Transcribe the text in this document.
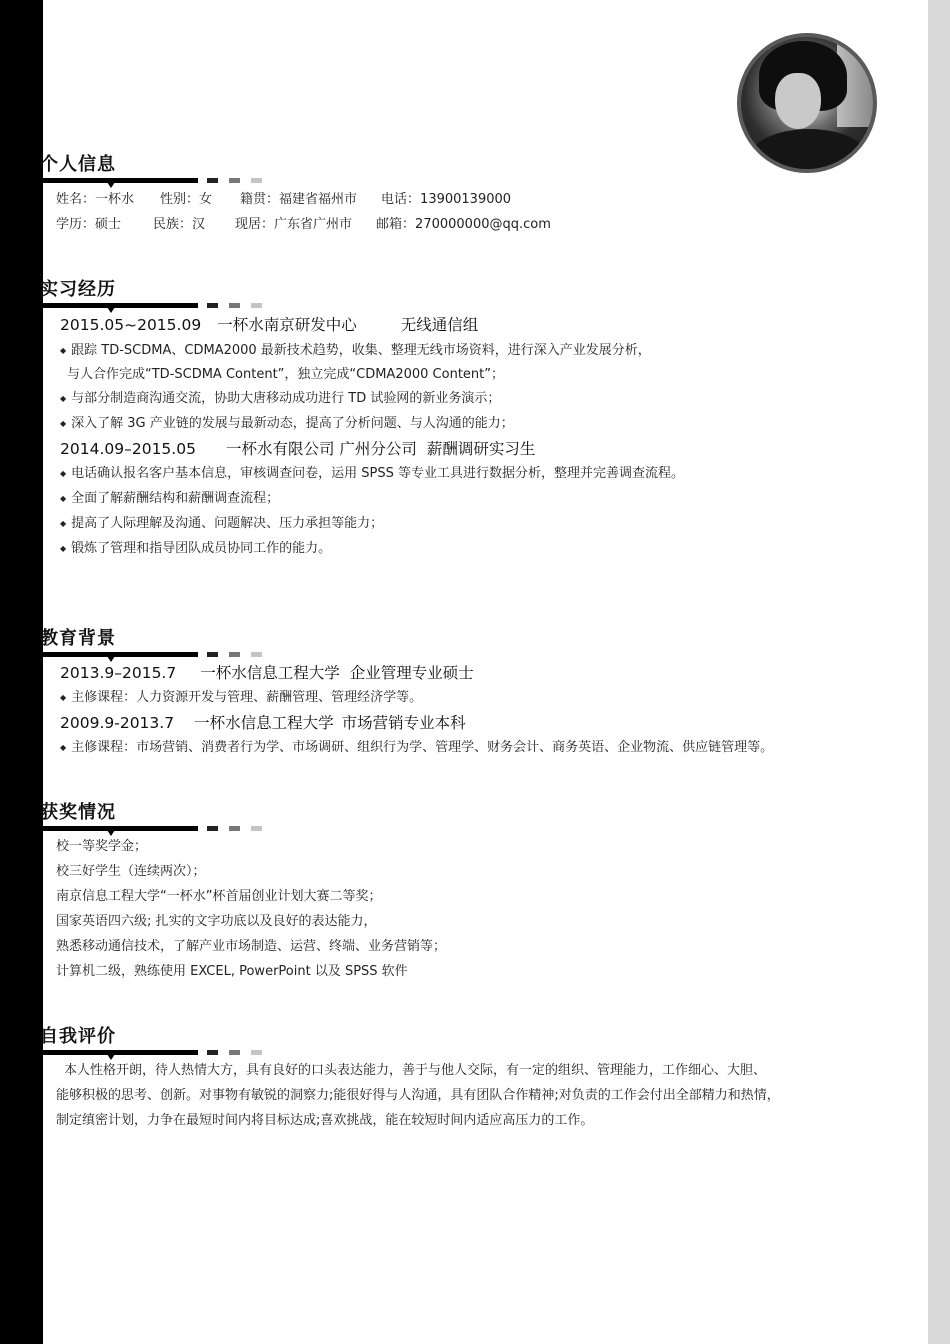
个人信息
姓名：一杯水 性别：女 籍贯：福建省福州市 电话：13900139000
学历：硕士 民族：汉 现居：广东省广州市 邮箱：270000000@qq.com
实习经历
2015.05~2015.09 一杯水南京研发中心	无线通信组
◆ 跟踪 TD-SCDMA、CDMA2000 最新技术趋势，收集、整理无线市场资料，进行深入产业发展分析，
与人合作完成“TD-SCDMA Content”，独立完成“CDMA2000 Content”；
◆ 与部分制造商沟通交流，协助大唐移动成功进行 TD 试验网的新业务演示；
◆ 深入了解 3G 产业链的发展与最新动态，提高了分析问题、与人沟通的能力；
2014.09–2015.05 一杯水有限公司 广州分公司 薪酬调研实习生
◆ 电话确认报名客户基本信息，审核调查问卷，运用 SPSS 等专业工具进行数据分析，整理并完善调查流程。
◆ 全面了解薪酬结构和薪酬调查流程；
◆ 提高了人际理解及沟通、问题解决、压力承担等能力；
◆ 锻炼了管理和指导团队成员协同工作的能力。
教育背景
2013.9–2015.7 一杯水信息工程大学 企业管理专业硕士
◆ 主修课程：人力资源开发与管理、薪酬管理、管理经济学等。
2009.9-2013.7 一杯水信息工程大学 市场营销专业本科
◆ 主修课程：市场营销、消费者行为学、市场调研、组织行为学、管理学、财务会计、商务英语、企业物流、供应链管理等。
获奖情况
校一等奖学金；
校三好学生（连续两次）；
南京信息工程大学“一杯水”杯首届创业计划大赛二等奖；
国家英语四六级; 扎实的文字功底以及良好的表达能力，
熟悉移动通信技术，了解产业市场制造、运营、终端、业务营销等；
计算机二级，熟练使用 EXCEL, PowerPoint 以及 SPSS 软件
自我评价
本人性格开朗，待人热情大方，具有良好的口头表达能力，善于与他人交际，有一定的组织、管理能力，工作细心、大胆、
能够积极的思考、创新。对事物有敏锐的洞察力;能很好得与人沟通，具有团队合作精神;对负责的工作会付出全部精力和热情，
制定缜密计划，力争在最短时间内将目标达成;喜欢挑战，能在较短时间内适应高压力的工作。
